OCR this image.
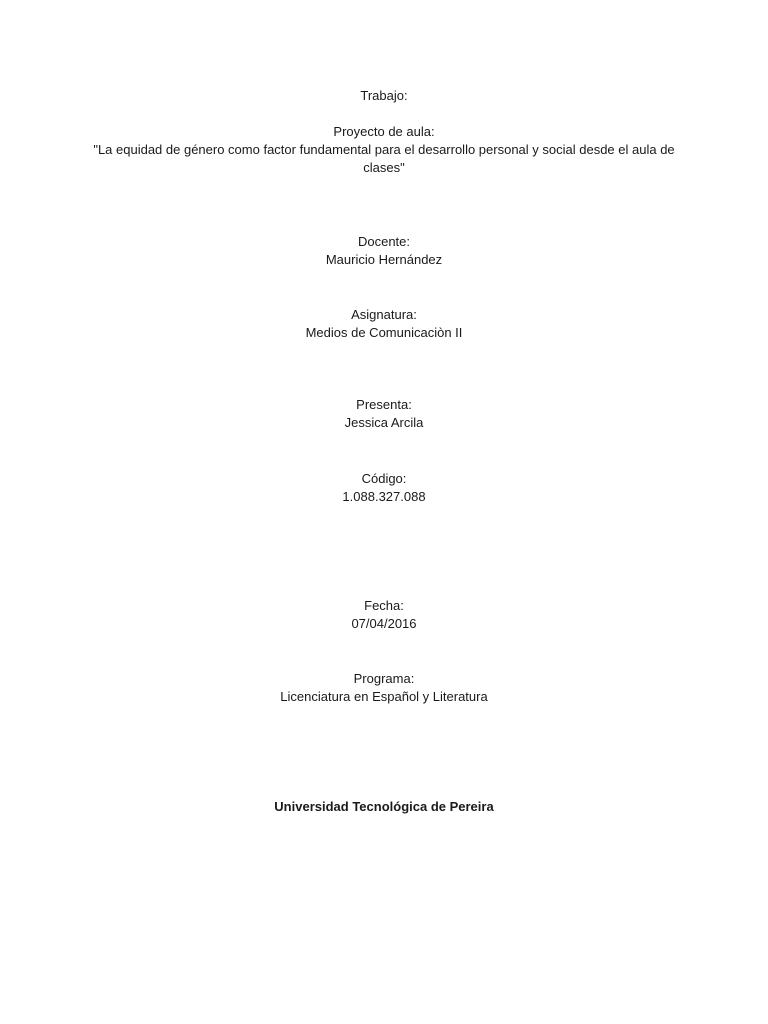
Trabajo:
Proyecto de aula:
"La equidad de género como factor fundamental para el desarrollo personal y social desde el aula de clases"
Docente:
Mauricio Hernández
Asignatura:
Medios de Comunicaciòn II
Presenta:
Jessica Arcila
Código:
1.088.327.088
Fecha:
07/04/2016
Programa:
Licenciatura en Español y Literatura
Universidad Tecnológica de Pereira
